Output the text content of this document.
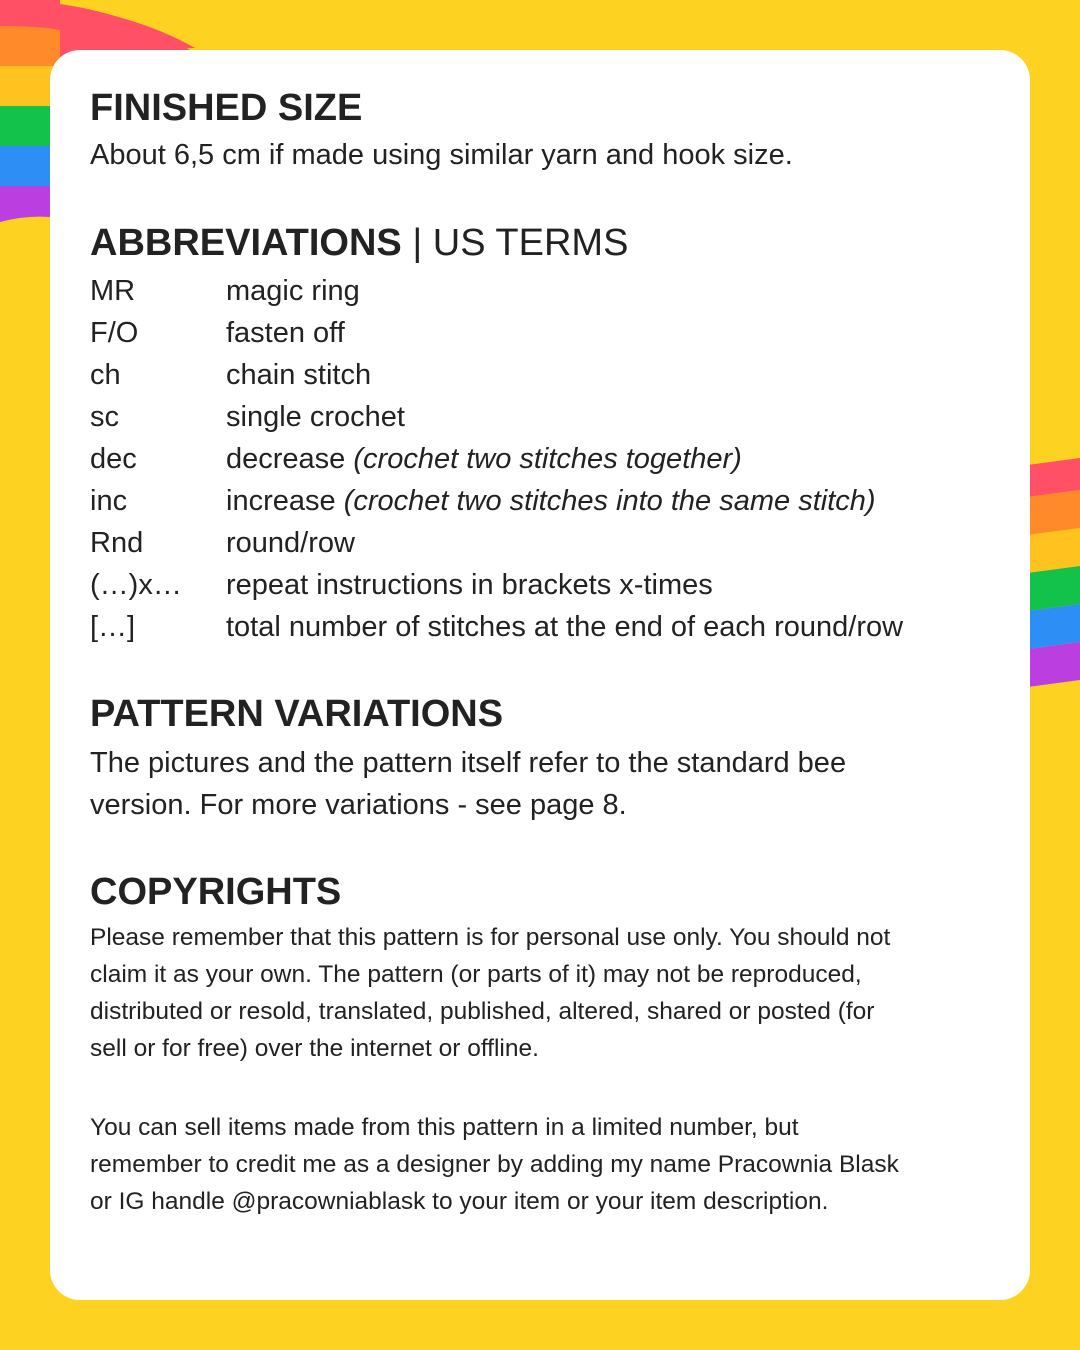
FINISHED SIZE

About 6,5 cm if made using similar yarn and hook size.

ABBREVIATIONS | US TERMS
MR	magic ring
F/O	fasten off
ch	chain stitch
sc	single crochet
dec	decrease (crochet two stitches together)
inc	increase (crochet two stitches into the same stitch)
Rnd	round/row
(…)x…	repeat instructions in brackets x-times
[…]	total number of stitches at the end of each round/row
PATTERN VARIATIONS

The pictures and the pattern itself refer to the standard bee

version. For more variations - see page 8.

COPYRIGHTS

Please remember that this pattern is for personal use only. You should not

claim it as your own. The pattern (or parts of it) may not be reproduced,

distributed or resold, translated, published, altered, shared or posted (for

sell or for free) over the internet or offline.

You can sell items made from this pattern in a limited number, but

remember to credit me as a designer by adding my name Pracownia Blask

or IG handle @pracowniablask to your item or your item description.
